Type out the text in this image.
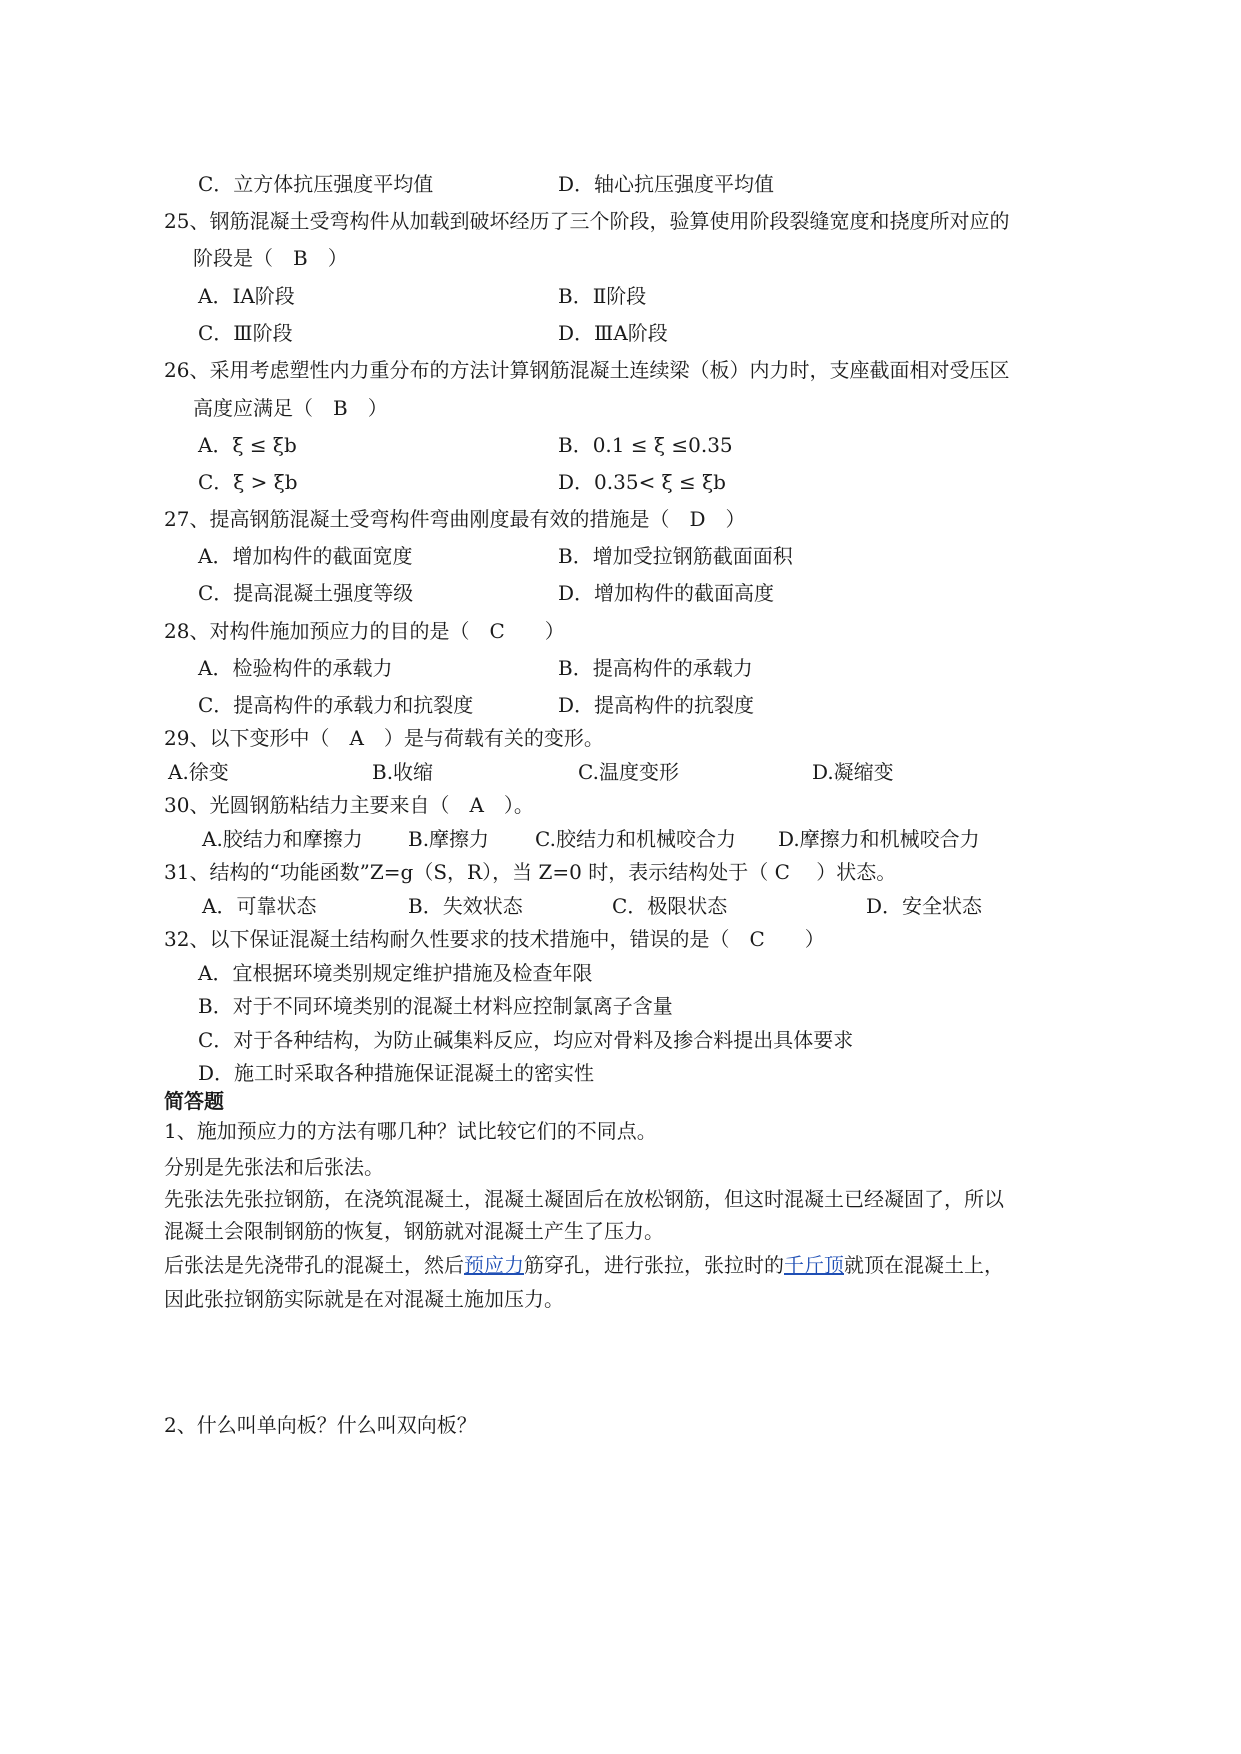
C．立方体抗压强度平均值	D．轴心抗压强度平均值
25、钢筋混凝土受弯构件从加载到破坏经历了三个阶段，验算使用阶段裂缝宽度和挠度所对应的
阶段是（　B　）
A．ⅠA阶段	B．Ⅱ阶段
C．Ⅲ阶段	D．ⅢA阶段
26、采用考虑塑性内力重分布的方法计算钢筋混凝土连续梁（板）内力时，支座截面相对受压区
高度应满足（　B　）
A．ξ ≤ ξb	B．0.1 ≤ ξ ≤0.35
C．ξ > ξb	D．0.35< ξ ≤ ξb
27、提高钢筋混凝土受弯构件弯曲刚度最有效的措施是（　D　）
A．增加构件的截面宽度	B．增加受拉钢筋截面面积
C．提高混凝土强度等级	D．增加构件的截面高度
28、对构件施加预应力的目的是（　C　　）
A．检验构件的承载力	B．提高构件的承载力
C．提高构件的承载力和抗裂度	D．提高构件的抗裂度
29、以下变形中（　A　）是与荷载有关的变形。
A.徐变	B.收缩	C.温度变形	D.凝缩变
30、光圆钢筋粘结力主要来自（　A　）。
A.胶结力和摩擦力 B.摩擦力 C.胶结力和机械咬合力 D.摩擦力和机械咬合力
31、结构的“功能函数”Z=g（S，R），当 Z=0 时，表示结构处于（ C　 ）状态。
A．可靠状态	B．失效状态	C．极限状态	D．安全状态
32、以下保证混凝土结构耐久性要求的技术措施中，错误的是（　C　　）
A．宜根据环境类别规定维护措施及检查年限
B．对于不同环境类别的混凝土材料应控制氯离子含量
C．对于各种结构，为防止碱集料反应，均应对骨料及掺合料提出具体要求
D．施工时采取各种措施保证混凝土的密实性
简答题
1、施加预应力的方法有哪几种？试比较它们的不同点。
分别是先张法和后张法。
先张法先张拉钢筋，在浇筑混凝土，混凝土凝固后在放松钢筋，但这时混凝土已经凝固了，所以
混凝土会限制钢筋的恢复，钢筋就对混凝土产生了压力。
后张法是先浇带孔的混凝土，然后预应力筋穿孔，进行张拉，张拉时的千斤顶就顶在混凝土上，
因此张拉钢筋实际就是在对混凝土施加压力。
2、什么叫单向板？什么叫双向板？
